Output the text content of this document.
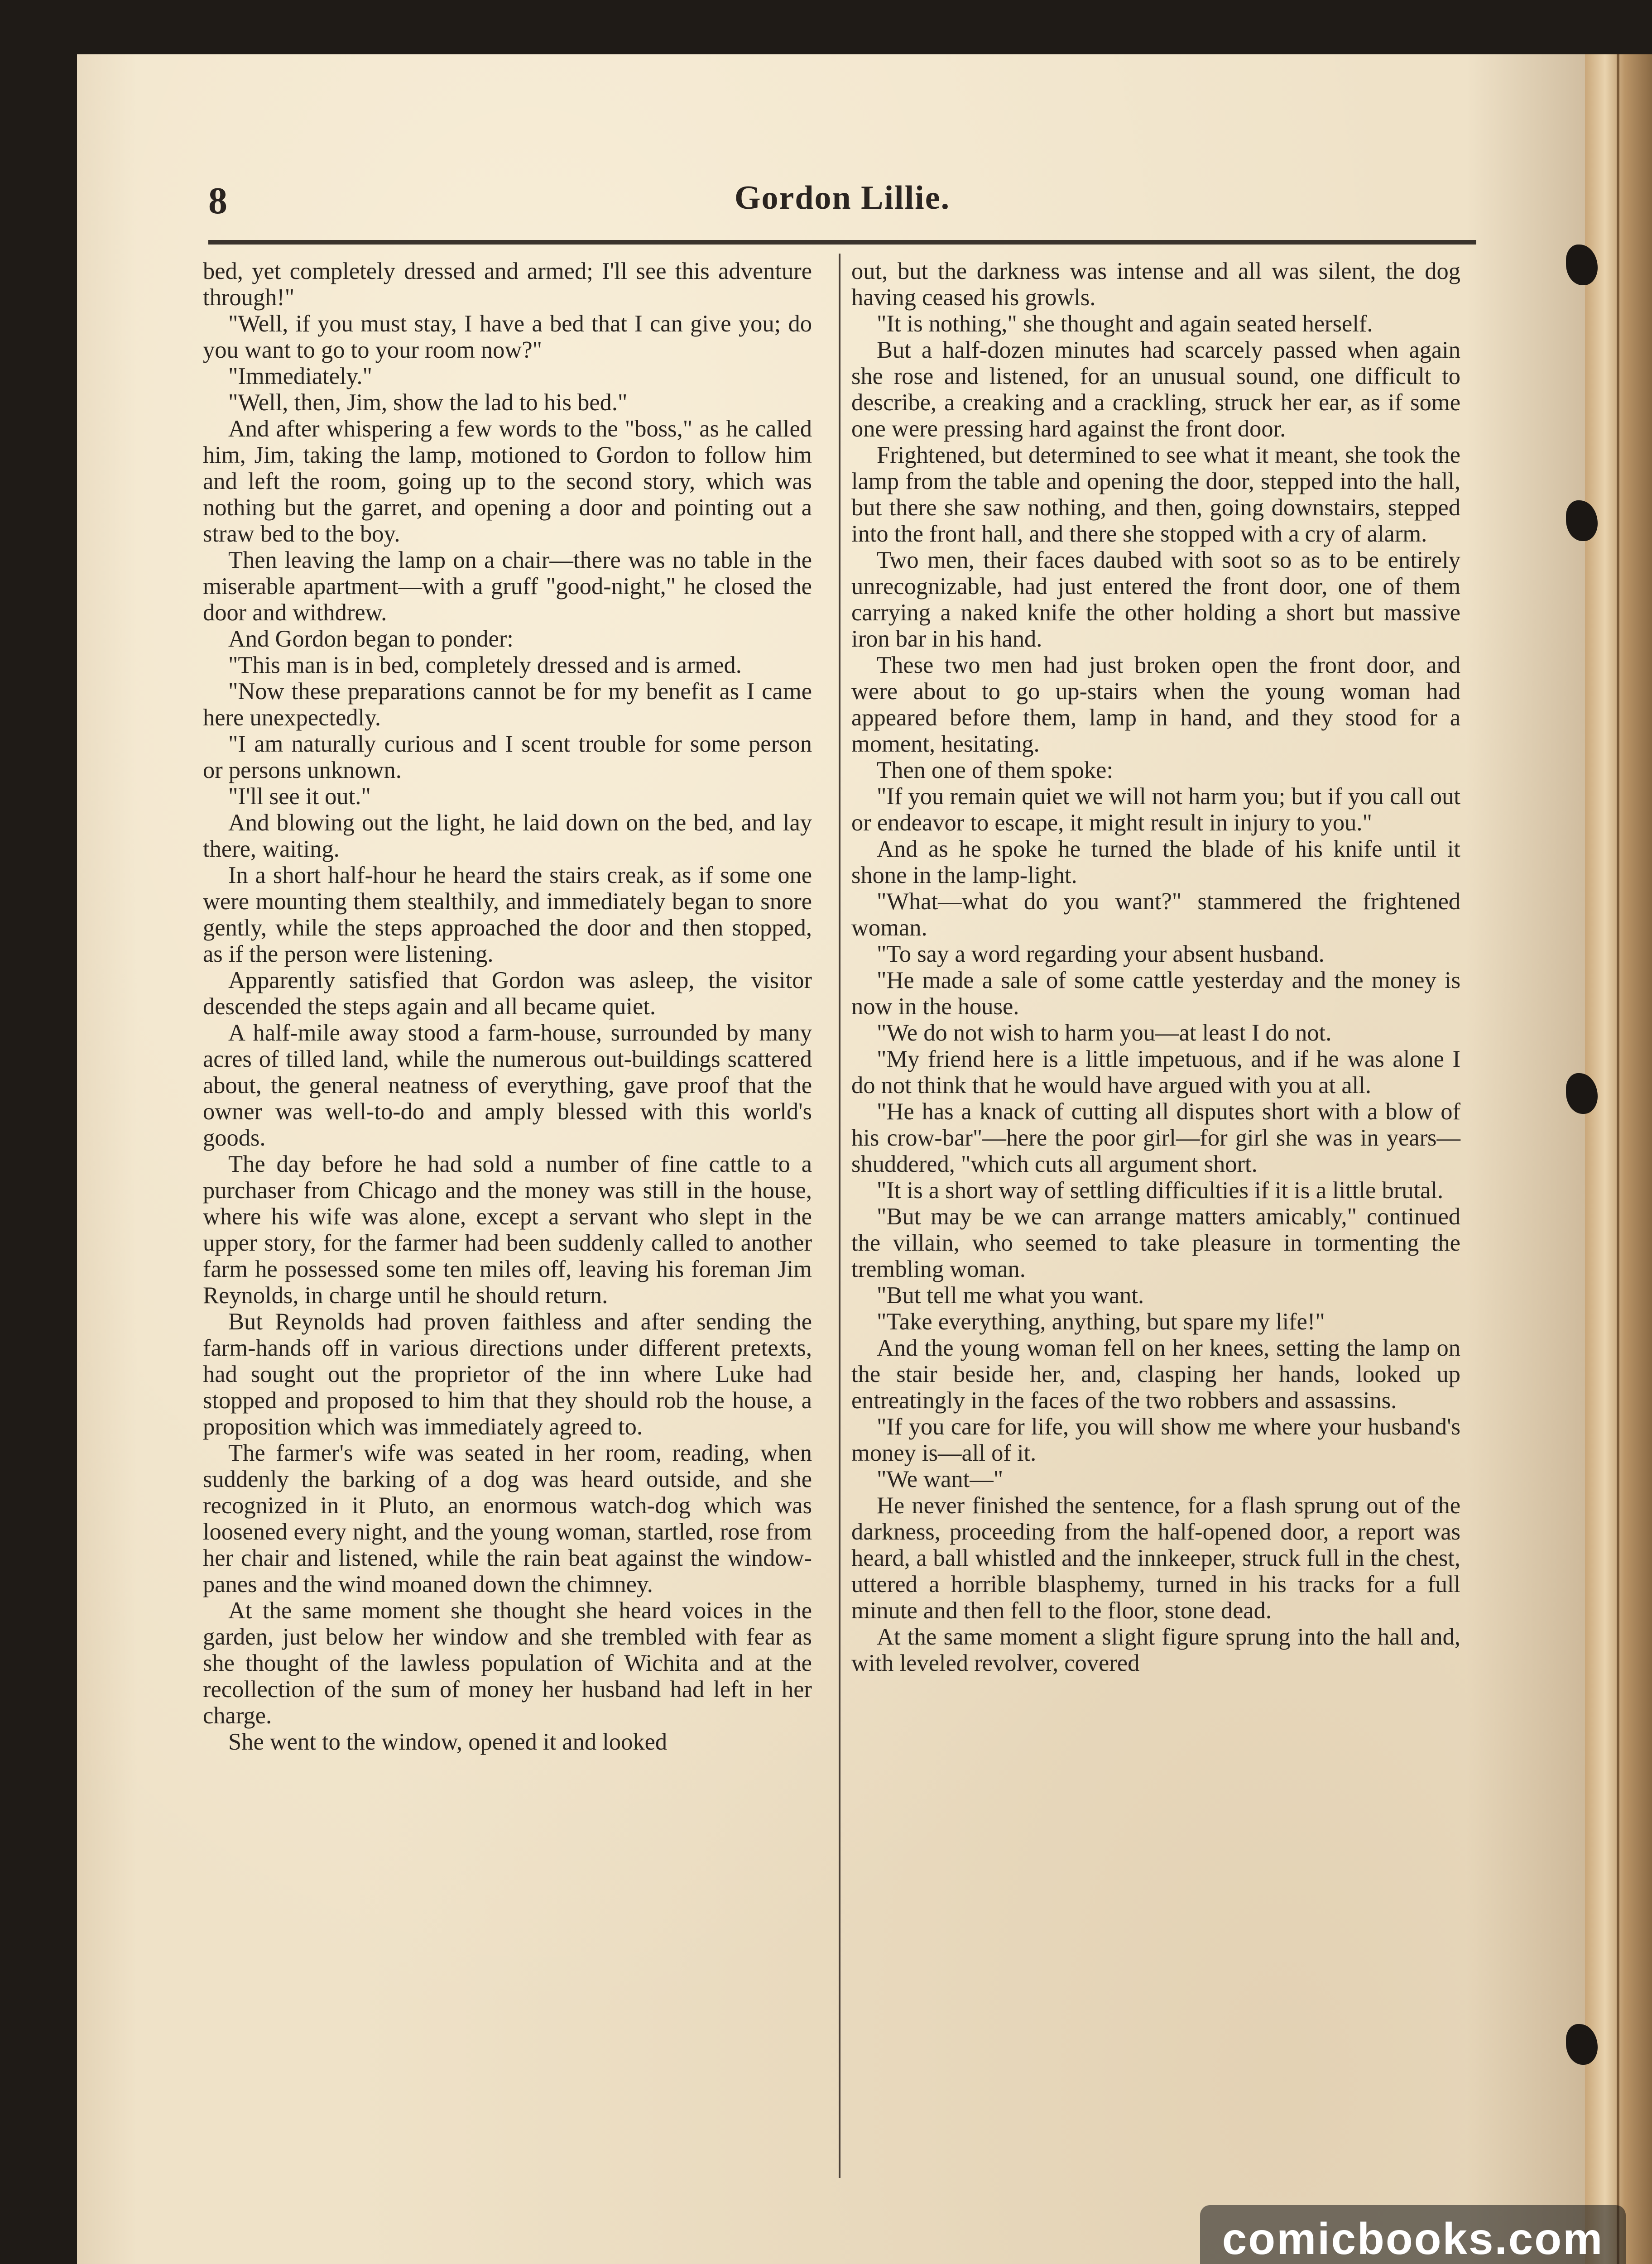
8	Gordon Lillie.

bed, yet completely dressed and armed; I'll see this adventure through!"

"Well, if you must stay, I have a bed that I can give you; do you want to go to your room now?"

"Immediately."

"Well, then, Jim, show the lad to his bed."

And after whispering a few words to the "boss," as he called him, Jim, taking the lamp, motioned to Gordon to follow him and left the room, going up to the second story, which was nothing but the garret, and opening a door and pointing out a straw bed to the boy.

Then leaving the lamp on a chair—there was no table in the miserable apartment—with a gruff "good-night," he closed the door and withdrew.

And Gordon began to ponder:

"This man is in bed, completely dressed and is armed.

"Now these preparations cannot be for my benefit as I came here unexpectedly.

"I am naturally curious and I scent trouble for some person or persons unknown.

"I'll see it out."

And blowing out the light, he laid down on the bed, and lay there, waiting.

In a short half-hour he heard the stairs creak, as if some one were mounting them stealthily, and immediately began to snore gently, while the steps approached the door and then stopped, as if the person were listening.

Apparently satisfied that Gordon was asleep, the visitor descended the steps again and all became quiet.

A half-mile away stood a farm-house, surrounded by many acres of tilled land, while the numerous out-buildings scattered about, the general neatness of everything, gave proof that the owner was well-to-do and amply blessed with this world's goods.

The day before he had sold a number of fine cattle to a purchaser from Chicago and the money was still in the house, where his wife was alone, except a servant who slept in the upper story, for the farmer had been suddenly called to another farm he possessed some ten miles off, leaving his foreman Jim Reynolds, in charge until he should return.

But Reynolds had proven faithless and after sending the farm-hands off in various directions under different pretexts, had sought out the proprietor of the inn where Luke had stopped and proposed to him that they should rob the house, a proposition which was immediately agreed to.

The farmer's wife was seated in her room, reading, when suddenly the barking of a dog was heard outside, and she recognized in it Pluto, an enormous watch-dog which was loosened every night, and the young woman, startled, rose from her chair and listened, while the rain beat against the window-panes and the wind moaned down the chimney.

At the same moment she thought she heard voices in the garden, just below her window and she trembled with fear as she thought of the lawless population of Wichita and at the recollection of the sum of money her husband had left in her charge.

She went to the window, opened it and looked

out, but the darkness was intense and all was silent, the dog having ceased his growls.

"It is nothing," she thought and again seated herself.

But a half-dozen minutes had scarcely passed when again she rose and listened, for an unusual sound, one difficult to describe, a creaking and a crackling, struck her ear, as if some one were pressing hard against the front door.

Frightened, but determined to see what it meant, she took the lamp from the table and opening the door, stepped into the hall, but there she saw nothing, and then, going downstairs, stepped into the front hall, and there she stopped with a cry of alarm.

Two men, their faces daubed with soot so as to be entirely unrecognizable, had just entered the front door, one of them carrying a naked knife the other holding a short but massive iron bar in his hand.

These two men had just broken open the front door, and were about to go up-stairs when the young woman had appeared before them, lamp in hand, and they stood for a moment, hesitating.

Then one of them spoke:

"If you remain quiet we will not harm you; but if you call out or endeavor to escape, it might result in injury to you."

And as he spoke he turned the blade of his knife until it shone in the lamp-light.

"What—what do you want?" stammered the frightened woman.

"To say a word regarding your absent husband.

"He made a sale of some cattle yesterday and the money is now in the house.

"We do not wish to harm you—at least I do not.

"My friend here is a little impetuous, and if he was alone I do not think that he would have argued with you at all.

"He has a knack of cutting all disputes short with a blow of his crow-bar"—here the poor girl—for girl she was in years—shuddered, "which cuts all argument short.

"It is a short way of settling difficulties if it is a little brutal.

"But may be we can arrange matters amicably," continued the villain, who seemed to take pleasure in tormenting the trembling woman.

"But tell me what you want.

"Take everything, anything, but spare my life!"

And the young woman fell on her knees, setting the lamp on the stair beside her, and, clasping her hands, looked up entreatingly in the faces of the two robbers and assassins.

"If you care for life, you will show me where your husband's money is—all of it.

"We want—"

He never finished the sentence, for a flash sprung out of the darkness, proceeding from the half-opened door, a report was heard, a ball whistled and the innkeeper, struck full in the chest, uttered a horrible blasphemy, turned in his tracks for a full minute and then fell to the floor, stone dead.

At the same moment a slight figure sprung into the hall and, with leveled revolver, covered

comicbooks.com
